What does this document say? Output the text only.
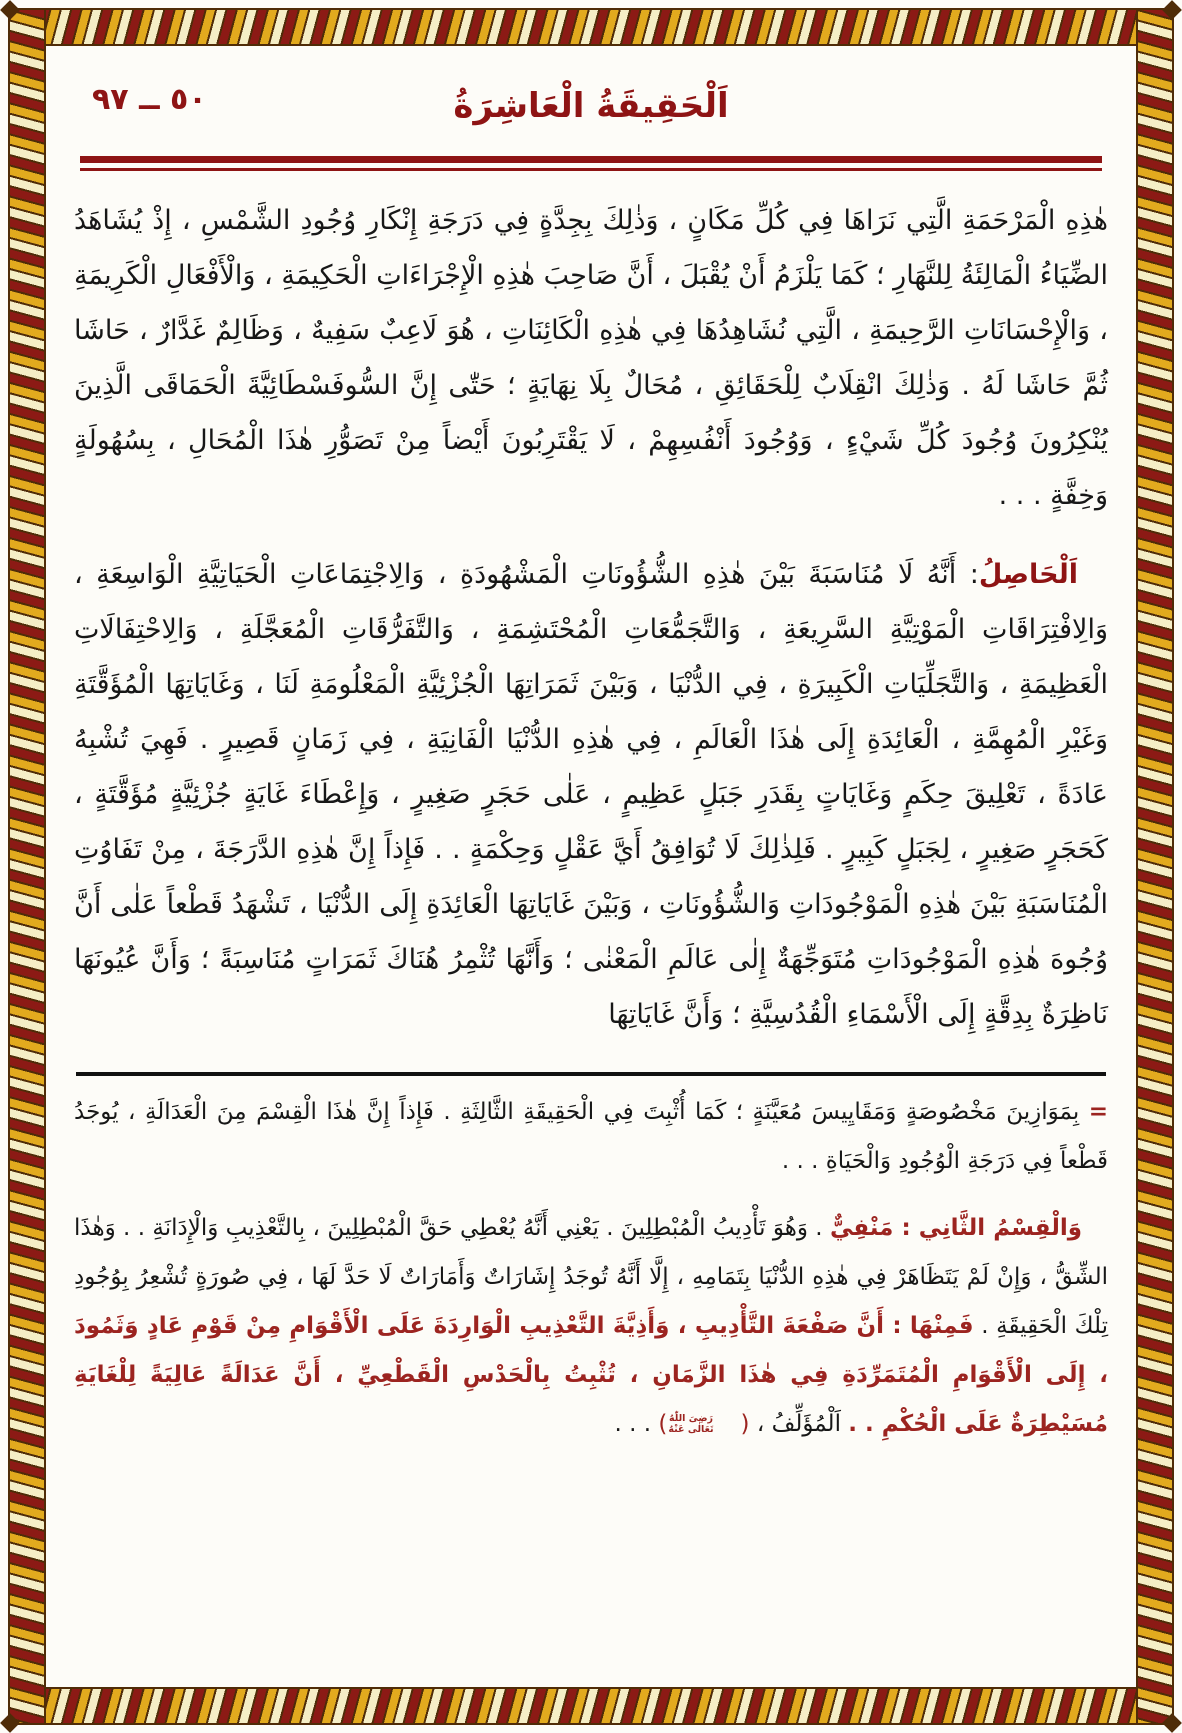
٥٠ ــ ٩٧	اَلْحَقِيقَةُ الْعَاشِرَةُ

هٰذِهِ الْمَرْحَمَةِ الَّتِي نَرَاهَا فِي كُلِّ مَكَانٍ ، وَذٰلِكَ بِجِدَّةٍ فِي دَرَجَةِ إِنْكَارِ وُجُودِ الشَّمْسِ ، إِذْ يُشَاهَدُ الضِّيَاءُ الْمَالِئَةُ لِلنَّهَارِ ؛ كَمَا يَلْزَمُ أَنْ يُقْبَلَ ، أَنَّ صَاحِبَ هٰذِهِ الْإِجْرَاءَاتِ الْحَكِيمَةِ ، وَالْأَفْعَالِ الْكَرِيمَةِ ، وَالْإِحْسَانَاتِ الرَّحِيمَةِ ، الَّتِي نُشَاهِدُهَا فِي هٰذِهِ الْكَائِنَاتِ ، هُوَ لَاعِبٌ سَفِيهٌ ، وَظَالِمٌ غَدَّارٌ ، حَاشَا ثُمَّ حَاشَا لَهُ . وَذٰلِكَ انْقِلَابٌ لِلْحَقَائِقِ ، مُحَالٌ بِلَا نِهَايَةٍ ؛ حَتّٰى إِنَّ السُّوفَسْطَائِيَّةَ الْحَمَاقَى الَّذِينَ يُنْكِرُونَ وُجُودَ كُلِّ شَيْءٍ ، وَوُجُودَ أَنْفُسِهِمْ ، لَا يَقْتَرِبُونَ أَيْضاً مِنْ تَصَوُّرِ هٰذَا الْمُحَالِ ، بِسُهُولَةٍ وَخِفَّةٍ . . .

اَلْحَاصِلُ: أَنَّهُ لَا مُنَاسَبَةَ بَيْنَ هٰذِهِ الشُّؤُونَاتِ الْمَشْهُودَةِ ، وَالِاجْتِمَاعَاتِ الْحَيَاتِيَّةِ الْوَاسِعَةِ ، وَالِافْتِرَاقَاتِ الْمَوْتِيَّةِ السَّرِيعَةِ ، وَالتَّجَمُّعَاتِ الْمُحْتَشِمَةِ ، وَالتَّفَرُّقَاتِ الْمُعَجَّلَةِ ، وَالِاحْتِفَالَاتِ الْعَظِيمَةِ ، وَالتَّجَلِّيَاتِ الْكَبِيرَةِ ، فِي الدُّنْيَا ، وَبَيْنَ ثَمَرَاتِهَا الْجُزْئِيَّةِ الْمَعْلُومَةِ لَنَا ، وَغَايَاتِهَا الْمُؤَقَّتَةِ وَغَيْرِ الْمُهِمَّةِ ، الْعَائِدَةِ إِلَى هٰذَا الْعَالَمِ ، فِي هٰذِهِ الدُّنْيَا الْفَانِيَةِ ، فِي زَمَانٍ قَصِيرٍ . فَهِيَ تُشْبِهُ عَادَةً ، تَعْلِيقَ حِكَمٍ وَغَايَاتٍ بِقَدَرِ جَبَلٍ عَظِيمٍ ، عَلٰى حَجَرٍ صَغِيرٍ ، وَإِعْطَاءَ غَايَةٍ جُزْئِيَّةٍ مُؤَقَّتَةٍ ، كَحَجَرٍ صَغِيرٍ ، لِجَبَلٍ كَبِيرٍ . فَلِذٰلِكَ لَا تُوَافِقُ أَيَّ عَقْلٍ وَحِكْمَةٍ . . فَإِذاً إِنَّ هٰذِهِ الدَّرَجَةَ ، مِنْ تَفَاوُتِ الْمُنَاسَبَةِ بَيْنَ هٰذِهِ الْمَوْجُودَاتِ وَالشُّؤُونَاتِ ، وَبَيْنَ غَايَاتِهَا الْعَائِدَةِ إِلَى الدُّنْيَا ، تَشْهَدُ قَطْعاً عَلٰى أَنَّ وُجُوهَ هٰذِهِ الْمَوْجُودَاتِ مُتَوَجِّهَةٌ إِلٰى عَالَمِ الْمَعْنٰى ؛ وَأَنَّهَا تُثْمِرُ هُنَاكَ ثَمَرَاتٍ مُنَاسِبَةً ؛ وَأَنَّ عُيُونَهَا نَاظِرَةٌ بِدِقَّةٍ إِلَى الْأَسْمَاءِ الْقُدُسِيَّةِ ؛ وَأَنَّ غَايَاتِهَا

= بِمَوَازِينَ مَخْصُوصَةٍ وَمَقَايِيسَ مُعَيَّنَةٍ ؛ كَمَا أُثْبِتَ فِي الْحَقِيقَةِ الثَّالِثَةِ . فَإِذاً إِنَّ هٰذَا الْقِسْمَ مِنَ الْعَدَالَةِ ، يُوجَدُ قَطْعاً فِي دَرَجَةِ الْوُجُودِ وَالْحَيَاةِ . . .

وَالْقِسْمُ الثَّانِي : مَنْفِيٌّ . وَهُوَ تَأْدِيبُ الْمُبْطِلِينَ . يَعْنِي أَنَّهُ يُعْطِي حَقَّ الْمُبْطِلِينَ ، بِالتَّعْذِيبِ وَالْإِدَانَةِ . . وَهٰذَا الشِّقُّ ، وَإِنْ لَمْ يَتَظَاهَرْ فِي هٰذِهِ الدُّنْيَا بِتَمَامِهِ ، إِلَّا أَنَّهُ تُوجَدُ إِشَارَاتٌ وَأَمَارَاتٌ لَا حَدَّ لَهَا ، فِي صُورَةٍ تُشْعِرُ بِوُجُودِ تِلْكَ الْحَقِيقَةِ . فَمِنْهَا : أَنَّ صَفْعَةَ التَّأْدِيبِ ، وَأَذِيَّةَ التَّعْذِيبِ الْوَارِدَةَ عَلَى الْأَقْوَامِ مِنْ قَوْمِ عَادٍ وَثَمُودَ ، إِلَى الْأَقْوَامِ الْمُتَمَرِّدَةِ فِي هٰذَا الزَّمَانِ ، تُثْبِتُ بِالْحَدْسِ الْقَطْعِيِّ ، أَنَّ عَدَالَةً عَالِيَةً لِلْغَايَةِ مُسَيْطِرَةٌ عَلَى الْحُكْمِ . . اَلْمُؤَلِّفُ ، (
رَضِىَ اللّٰهُ
تَعَالٰى عَنْهُ
) . . .
